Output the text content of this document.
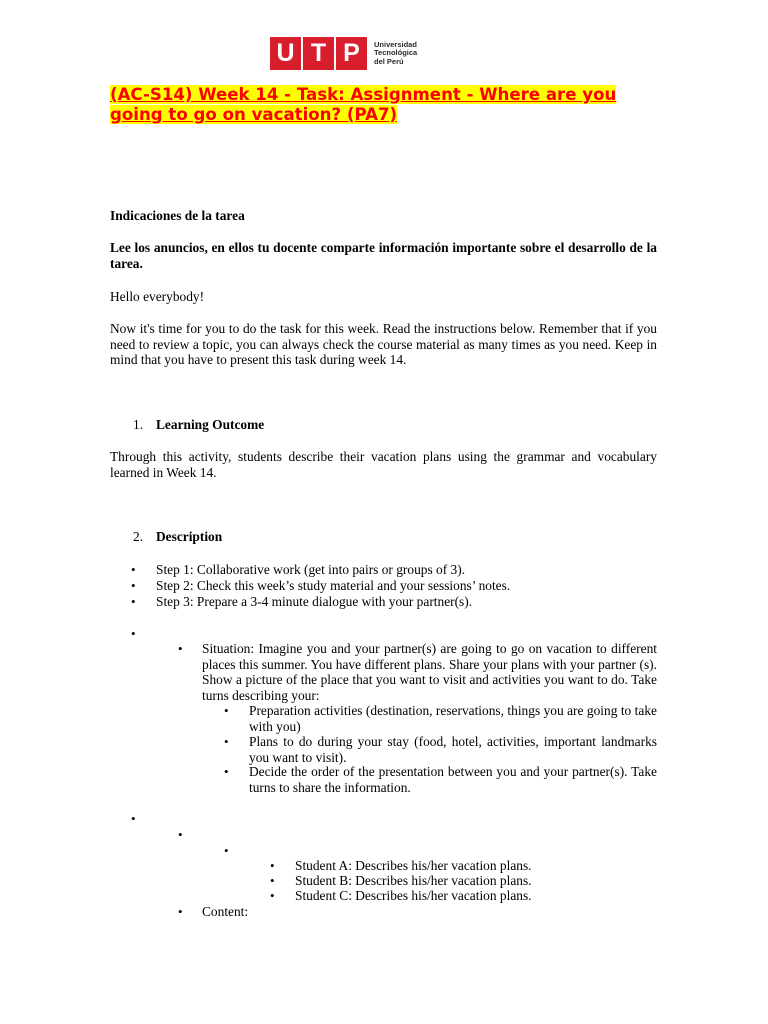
U T P	Universidad
Tecnológica
del Perú
(AC-S14) Week 14 - Task: Assignment - Where are you going to go on vacation? (PA7)

Indicaciones de la tarea

Lee los anuncios, en ellos tu docente comparte información importante sobre el desarrollo de la tarea.

Hello everybody!

Now it's time for you to do the task for this week. Read the instructions below. Remember that if you need to review a topic, you can always check the course material as many times as you need. Keep in mind that you have to present this task during week 14.

1. Learning Outcome

Through this activity, students describe their vacation plans using the grammar and vocabulary learned in Week 14.

2. Description
• Step 1: Collaborative work (get into pairs or groups of 3).
• Step 2: Check this week’s study material and your sessions’ notes.
• Step 3: Prepare a 3-4 minute dialogue with your partner(s).
•
• Situation: Imagine you and your partner(s) are going to go on vacation to different places this summer. You have different plans. Share your plans with your partner (s). Show a picture of the place that you want to visit and activities you want to do. Take turns describing your:

• Preparation activities (destination, reservations, things you are going to take with you)

• Plans to do during your stay (food, hotel, activities, important landmarks you want to visit).

• Decide the order of the presentation between you and your partner(s). Take turns to share the information.

•
•
•
• Student A: Describes his/her vacation plans.
• Student B: Describes his/her vacation plans.
• Student C: Describes his/her vacation plans.
• Content:
